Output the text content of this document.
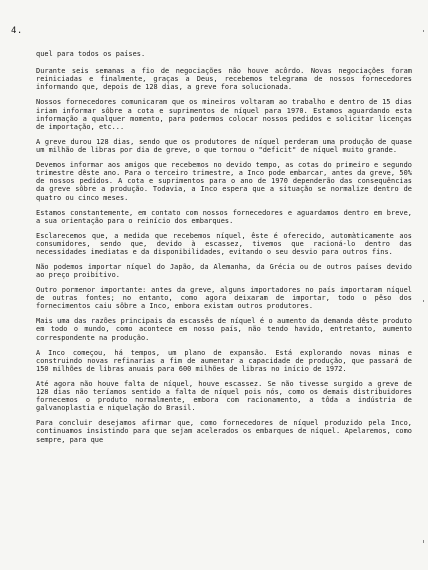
4.

quel para todos os países.

Durante seis semanas a fio de negociações não houve acôrdo. Novas negociações foram reiniciadas e finalmente, graças a Deus, recebemos telegrama de nossos fornecedores informando que, depois de 128 dias, a greve fora solucionada.

Nossos fornecedores comunicaram que os mineiros voltaram ao trabalho e dentro de 15 dias iriam informar sôbre a cota e suprimentos de níquel para 1970. Estamos aguardando esta informação a qualquer momento, para podermos colocar nossos pedidos e solicitar licenças de importação, etc...

A greve durou 128 dias, sendo que os produtores de níquel perderam uma produção de quase um milhão de libras por dia de greve, o que tornou o "deficit" de níquel muito grande.

Devemos informar aos amigos que recebemos no devido tempo, as cotas do primeiro e segundo trimestre dêste ano. Para o terceiro trimestre, a Inco pode embarcar, antes da greve, 50% de nossos pedidos. A cota e suprimentos para o ano de 1970 dependerão das consequências da greve sôbre a produção. Todavia, a Inco espera que a situação se normalize dentro de quatro ou cinco meses.

Estamos constantemente, em contato com nossos fornecedores e aguardamos dentro em breve, a sua orientação para o reinício dos embarques.

Esclarecemos que, a medida que recebemos níquel, êste é oferecido, automàticamente aos consumidores, sendo que, devido à escassez, tivemos que racioná-lo dentro das necessidades imediatas e da disponibilidades, evitando o seu desvio para outros fins.

Não podemos importar níquel do Japão, da Alemanha, da Grécia ou de outros países devido ao preço proibitivo.

Outro pormenor importante: antes da greve, alguns importadores no país importaram níquel de outras fontes; no entanto, como agora deixaram de importar, todo o pêso dos fornecimentos caiu sôbre a Inco, embora existam outros produtores.

Mais uma das razões principais da escassês de níquel é o aumento da demanda dêste produto em todo o mundo, como acontece em nosso país, não tendo havido, entretanto, aumento correspondente na produção.

A Inco começou, há tempos, um plano de expansão. Está explorando novas minas e construindo novas refinarias a fim de aumentar a capacidade de produção, que passará de 150 milhões de libras anuais para 600 milhões de libras no início de 1972.

Até agora não houve falta de níquel, houve escassez. Se não tivesse surgido a greve de 128 dias não teríamos sentido a falta de níquel pois nós, como os demais distribuidores fornecemos o produto normalmente, embora com racionamento, a tôda a indústria de galvanoplastia e niquelação do Brasil.

Para concluir desejamos afirmar que, como fornecedores de níquel produzido pela Inco, continuamos insistindo para que sejam acelerados os embarques de níquel. Apelaremos, como sempre, para que
